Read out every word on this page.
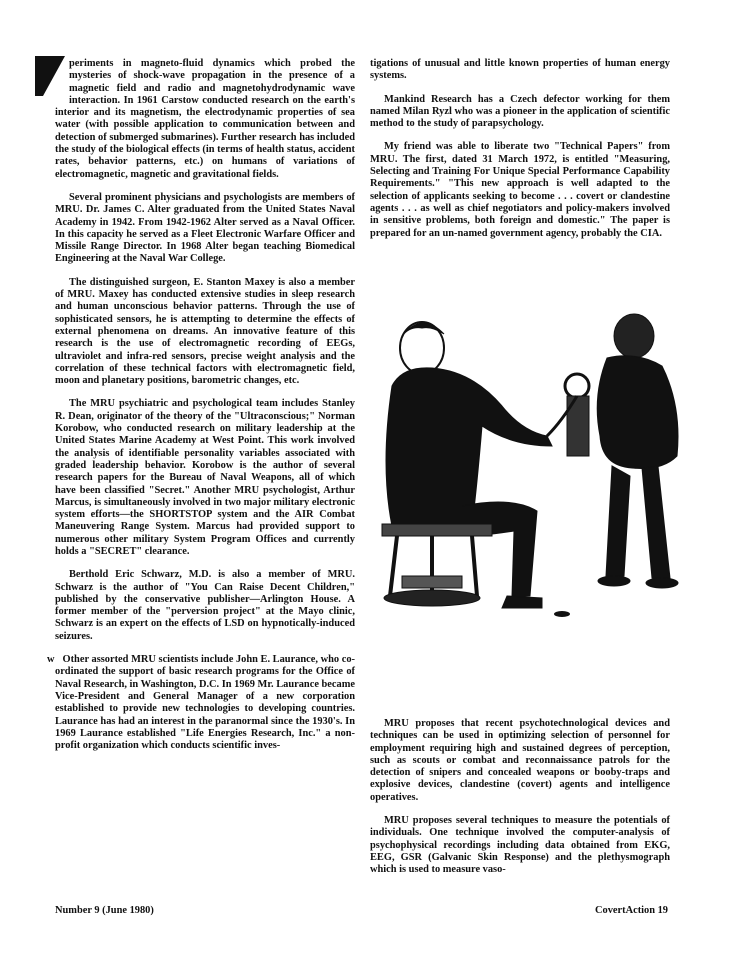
periments in magneto-fluid dynamics which probed the mysteries of shock-wave propagation in the presence of a magnetic field and radio and magnetohydrodynamic wave interaction. In 1961 Carstow conducted research on the earth's interior and its magnetism, the electrodynamic properties of sea water (with possible application to communication between and detection of submerged submarines). Further research has included the study of the biological effects (in terms of health status, accident rates, behavior patterns, etc.) on humans of variations of electromagnetic, magnetic and gravitational fields.

Several prominent physicians and psychologists are members of MRU. Dr. James C. Alter graduated from the United States Naval Academy in 1942. From 1942-1962 Alter served as a Naval Officer. In this capacity he served as a Fleet Electronic Warfare Officer and Missile Range Director. In 1968 Alter began teaching Biomedical Engineering at the Naval War College.

The distinguished surgeon, E. Stanton Maxey is also a member of MRU. Maxey has conducted extensive studies in sleep research and human unconscious behavior patterns. Through the use of sophisticated sensors, he is attempting to determine the effects of external phenomena on dreams. An innovative feature of this research is the use of electromagnetic recording of EEGs, ultraviolet and infra-red sensors, precise weight analysis and the correlation of these technical factors with electromagnetic field, moon and planetary positions, barometric changes, etc.

The MRU psychiatric and psychological team includes Stanley R. Dean, originator of the theory of the "Ultraconscious;" Norman Korobow, who conducted research on military leadership at the United States Marine Academy at West Point. This work involved the analysis of identifiable personality variables associated with graded leadership behavior. Korobow is the author of several research papers for the Bureau of Naval Weapons, all of which have been classified "Secret." Another MRU psychologist, Arthur Marcus, is simultaneously involved in two major military electronic system efforts—the SHORTSTOP system and the AIR Combat Maneuvering Range System. Marcus had provided support to numerous other military System Program Offices and currently holds a "SECRET" clearance.

Berthold Eric Schwarz, M.D. is also a member of MRU. Schwarz is the author of "You Can Raise Decent Children," published by the conservative publisher—Arlington House. A former member of the "perversion project" at the Mayo clinic, Schwarz is an expert on the effects of LSD on hypnotically-induced seizures.

w Other assorted MRU scientists include John E. Laurance, who co-ordinated the support of basic research programs for the Office of Naval Research, in Washington, D.C. In 1969 Mr. Laurance became Vice-President and General Manager of a new corporation established to provide new technologies to developing countries. Laurance has had an interest in the paranormal since the 1930's. In 1969 Laurance established "Life Energies Research, Inc." a non-profit organization which conducts scientific inves-

tigations of unusual and little known properties of human energy systems.

Mankind Research has a Czech defector working for them named Milan Ryzl who was a pioneer in the application of scientific method to the study of parapsychology.

My friend was able to liberate two "Technical Papers" from MRU. The first, dated 31 March 1972, is entitled "Measuring, Selecting and Training For Unique Special Performance Capability Requirements." "This new approach is well adapted to the selection of applicants seeking to become . . . covert or clandestine agents . . . as well as chief negotiators and policy-makers involved in sensitive problems, both foreign and domestic." The paper is prepared for an un-named government agency, probably the CIA.

MRU proposes that recent psychotechnological devices and techniques can be used in optimizing selection of personnel for employment requiring high and sustained degrees of perception, such as scouts or combat and reconnaissance patrols for the detection of snipers and concealed weapons or booby-traps and explosive devices, clandestine (covert) agents and intelligence operatives.

MRU proposes several techniques to measure the potentials of individuals. One technique involved the computer-analysis of psychophysical recordings including data obtained from EKG, EEG, GSR (Galvanic Skin Response) and the plethysmograph which is used to measure vaso-

Number 9 (June 1980)	CovertAction 19
